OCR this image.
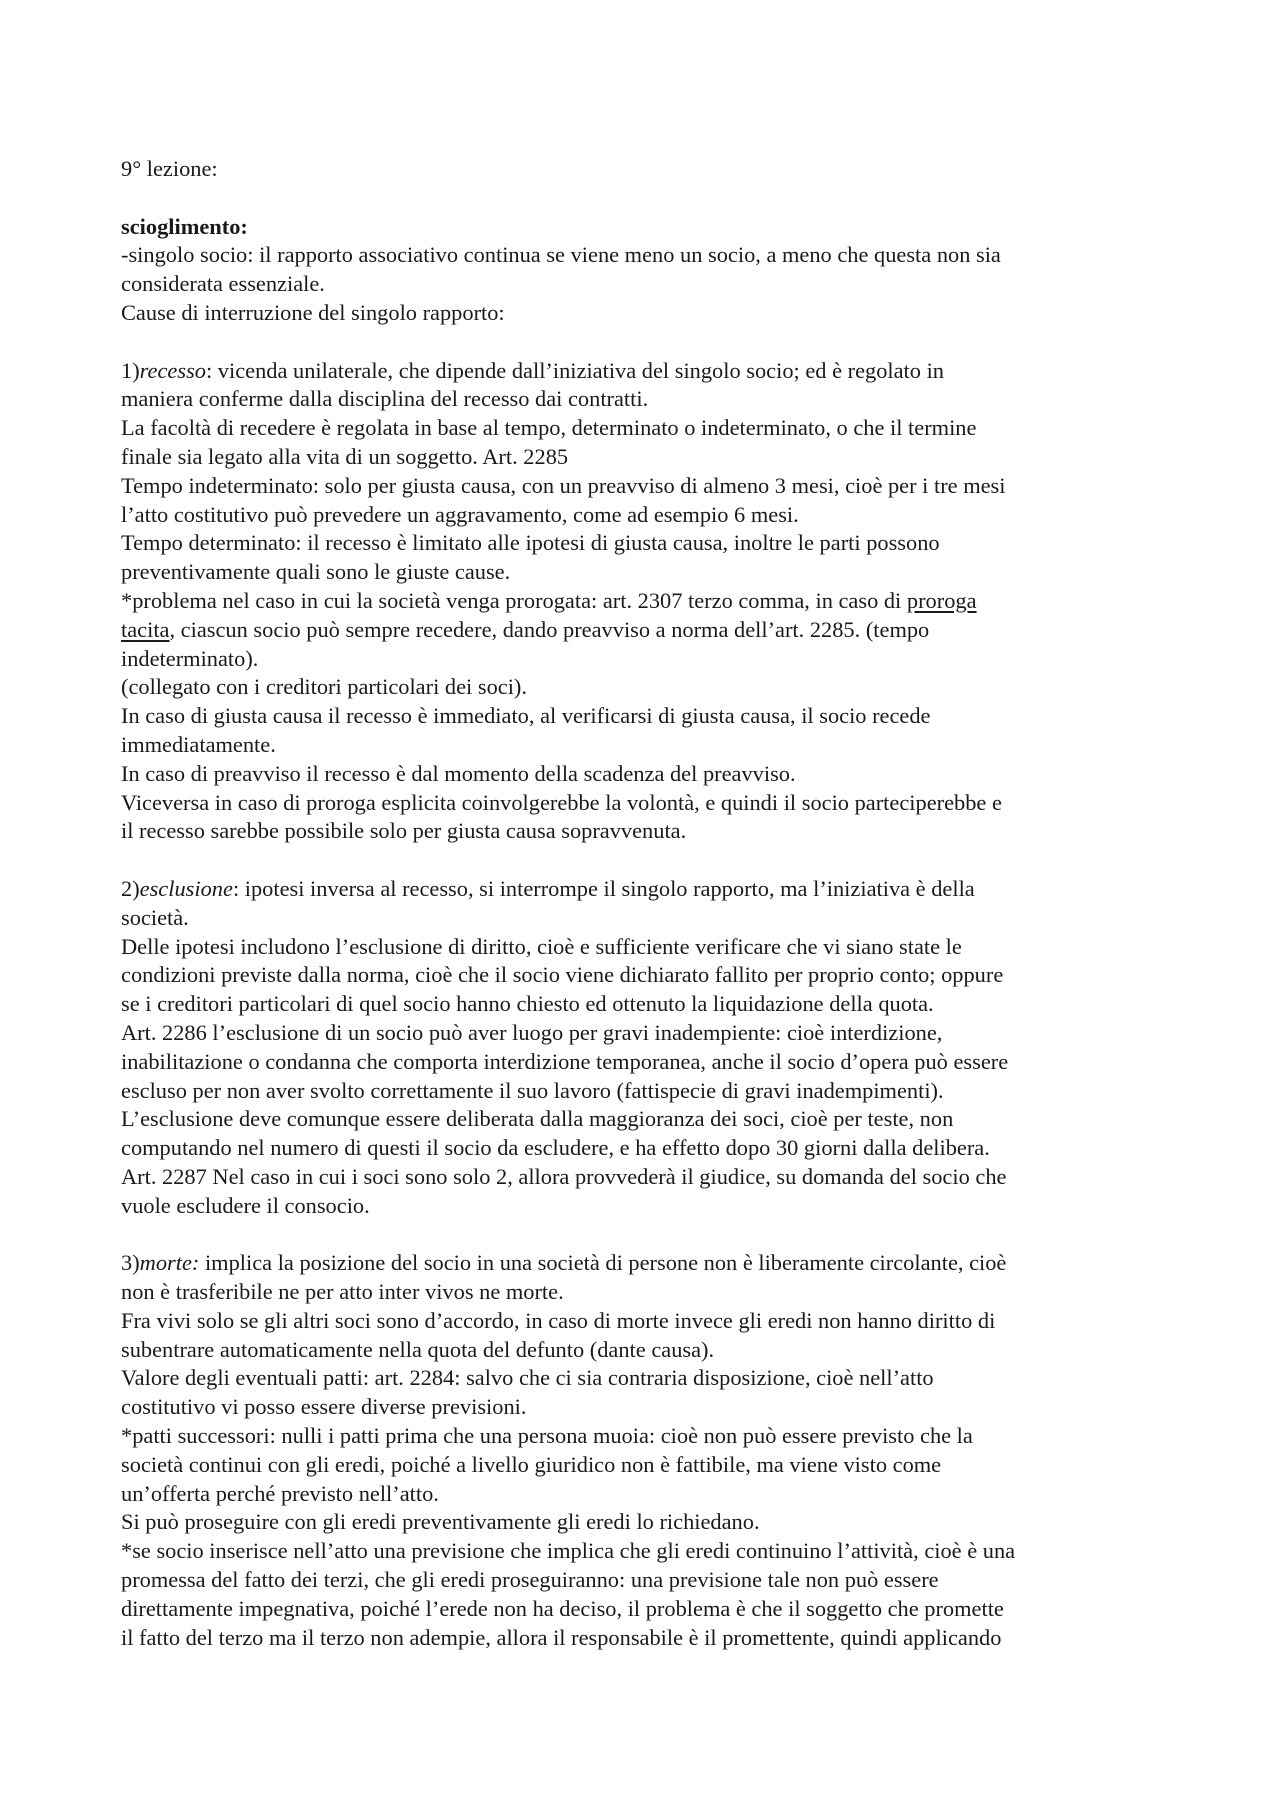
9° lezione:
scioglimento:
-singolo socio: il rapporto associativo continua se viene meno un socio, a meno che questa non sia
considerata essenziale.
Cause di interruzione del singolo rapporto:
1)recesso: vicenda unilaterale, che dipende dall’iniziativa del singolo socio; ed è regolato in
maniera conferme dalla disciplina del recesso dai contratti.
La facoltà di recedere è regolata in base al tempo, determinato o indeterminato, o che il termine
finale sia legato alla vita di un soggetto. Art. 2285
Tempo indeterminato: solo per giusta causa, con un preavviso di almeno 3 mesi, cioè per i tre mesi
l’atto costitutivo può prevedere un aggravamento, come ad esempio 6 mesi.
Tempo determinato: il recesso è limitato alle ipotesi di giusta causa, inoltre le parti possono
preventivamente quali sono le giuste cause.
*problema nel caso in cui la società venga prorogata: art. 2307 terzo comma, in caso di proroga
tacita, ciascun socio può sempre recedere, dando preavviso a norma dell’art. 2285. (tempo
indeterminato).
(collegato con i creditori particolari dei soci).
In caso di giusta causa il recesso è immediato, al verificarsi di giusta causa, il socio recede
immediatamente.
In caso di preavviso il recesso è dal momento della scadenza del preavviso.
Viceversa in caso di proroga esplicita coinvolgerebbe la volontà, e quindi il socio parteciperebbe e
il recesso sarebbe possibile solo per giusta causa sopravvenuta.
2)esclusione: ipotesi inversa al recesso, si interrompe il singolo rapporto, ma l’iniziativa è della
società.
Delle ipotesi includono l’esclusione di diritto, cioè e sufficiente verificare che vi siano state le
condizioni previste dalla norma, cioè che il socio viene dichiarato fallito per proprio conto; oppure
se i creditori particolari di quel socio hanno chiesto ed ottenuto la liquidazione della quota.
Art. 2286 l’esclusione di un socio può aver luogo per gravi inadempiente: cioè interdizione,
inabilitazione o condanna che comporta interdizione temporanea, anche il socio d’opera può essere
escluso per non aver svolto correttamente il suo lavoro (fattispecie di gravi inadempimenti).
L’esclusione deve comunque essere deliberata dalla maggioranza dei soci, cioè per teste, non
computando nel numero di questi il socio da escludere, e ha effetto dopo 30 giorni dalla delibera.
Art. 2287 Nel caso in cui i soci sono solo 2, allora provvederà il giudice, su domanda del socio che
vuole escludere il consocio.
3)morte: implica la posizione del socio in una società di persone non è liberamente circolante, cioè
non è trasferibile ne per atto inter vivos ne morte.
Fra vivi solo se gli altri soci sono d’accordo, in caso di morte invece gli eredi non hanno diritto di
subentrare automaticamente nella quota del defunto (dante causa).
Valore degli eventuali patti: art. 2284: salvo che ci sia contraria disposizione, cioè nell’atto
costitutivo vi posso essere diverse previsioni.
*patti successori: nulli i patti prima che una persona muoia: cioè non può essere previsto che la
società continui con gli eredi, poiché a livello giuridico non è fattibile, ma viene visto come
un’offerta perché previsto nell’atto.
Si può proseguire con gli eredi preventivamente gli eredi lo richiedano.
*se socio inserisce nell’atto una previsione che implica che gli eredi continuino l’attività, cioè è una
promessa del fatto dei terzi, che gli eredi proseguiranno: una previsione tale non può essere
direttamente impegnativa, poiché l’erede non ha deciso, il problema è che il soggetto che promette
il fatto del terzo ma il terzo non adempie, allora il responsabile è il promettente, quindi applicando
